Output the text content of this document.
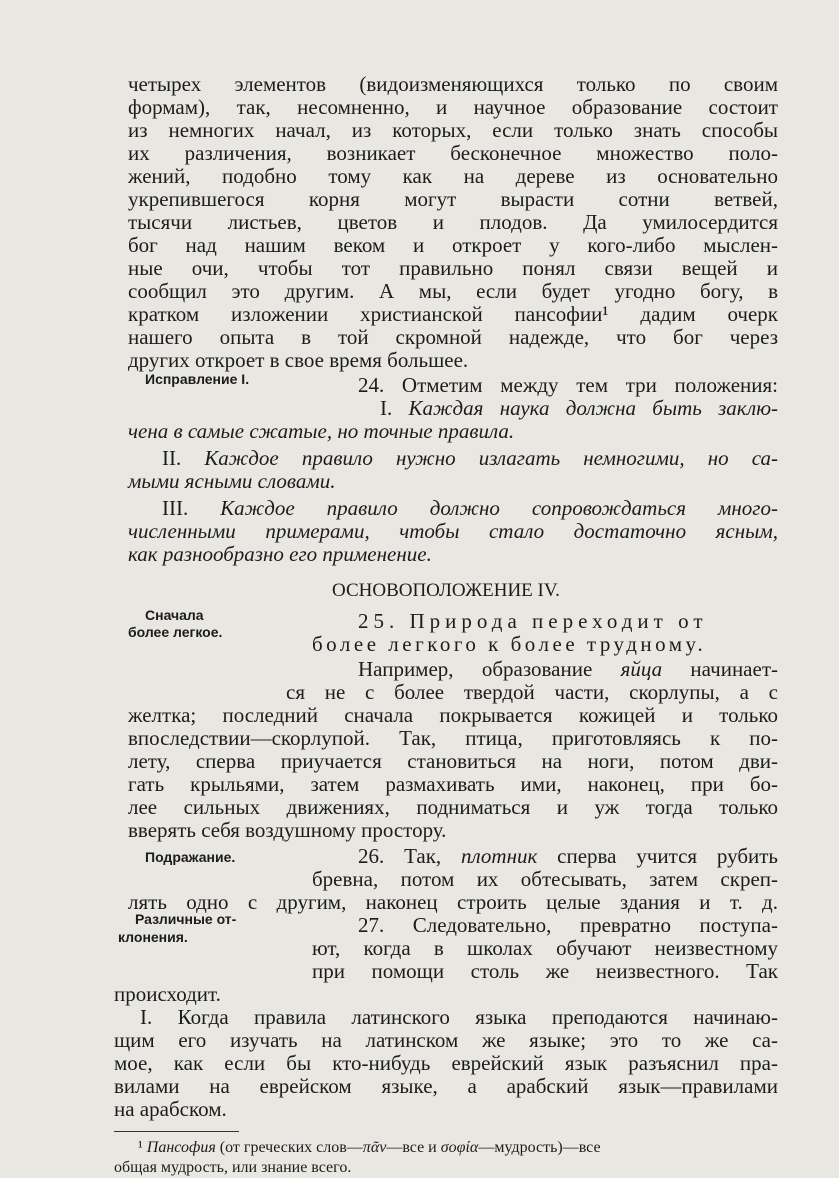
четырех элементов (видоизменяющихся только по своим

формам), так, несомненно, и научное образование состоит

из немногих начал, из которых, если только знать способы

их различения, возникает бесконечное множество поло-

жений, подобно тому как на дереве из основательно

укрепившегося корня могут вырасти сотни ветвей,

тысячи листьев, цветов и плодов. Да умилосердится

бог над нашим веком и откроет у кого-либо мыслен-

ные очи, чтобы тот правильно понял связи вещей и

сообщил это другим. А мы, если будет угодно богу, в

кратком изложении христианской пансофии¹ дадим очерк

нашего опыта в той скромной надежде, что бог через

других откроет в свое время большее.

24. Отметим между тем три положения:

I. Каждая наука должна быть заклю-

чена в самые сжатые, но точные правила.

II. Каждое правило нужно излагать немногими, но са-

мыми ясными словами.

III. Каждое правило должно сопровождаться много-

численными примерами, чтобы стало достаточно ясным,

как разнообразно его применение.

ОСНОВОПОЛОЖЕНИЕ IV.

25. Природа переходит от

более легкого к более трудному.

Например, образование яйца начинает-

ся не с более твердой части, скорлупы, а с

желтка; последний сначала покрывается кожицей и только

впоследствии—скорлупой. Так, птица, приготовляясь к по-

лету, сперва приучается становиться на ноги, потом дви-

гать крыльями, затем размахивать ими, наконец, при бо-

лее сильных движениях, подниматься и уж тогда только

вверять себя воздушному простору.

26. Так, плотник сперва учится рубить

бревна, потом их обтесывать, затем скреп-

лять одно с другим, наконец строить целые здания и т. д.

27. Следовательно, превратно поступа-

ют, когда в школах обучают неизвестному

при помощи столь же неизвестного. Так

происходит.

I. Когда правила латинского языка преподаются начинаю-

щим его изучать на латинском же языке; это то же са-

мое, как если бы кто-нибудь еврейский язык разъяснил пра-

вилами на еврейском языке, а арабский язык—правилами

на арабском.

Исправление I.

Сначала

более легкое.

Подражание.

Различные от-

клонения.

¹ Пансофия (от греческих слов—πᾶν—все и σοφία—мудрость)—все

общая мудрость, или знание всего.
